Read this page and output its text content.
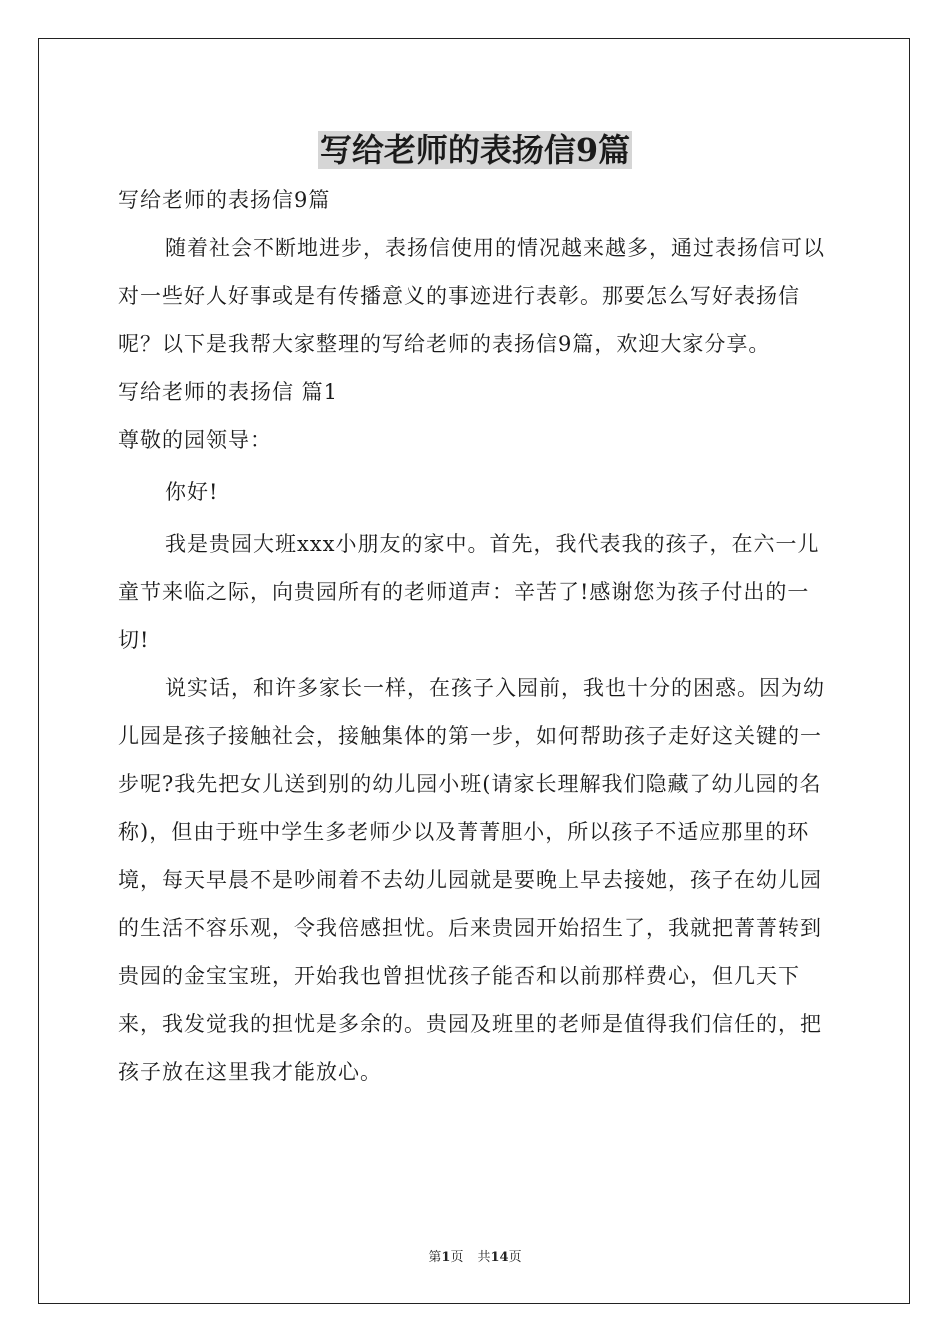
写给老师的表扬信9篇

写给老师的表扬信9篇

随着社会不断地进步，表扬信使用的情况越来越多，通过表扬信可以对一些好人好事或是有传播意义的事迹进行表彰。那要怎么写好表扬信呢？以下是我帮大家整理的写给老师的表扬信9篇，欢迎大家分享。

写给老师的表扬信 篇1

尊敬的园领导：

你好!

我是贵园大班xxx小朋友的家中。首先，我代表我的孩子，在六一儿童节来临之际，向贵园所有的老师道声：辛苦了!感谢您为孩子付出的一切!

说实话，和许多家长一样，在孩子入园前，我也十分的困惑。因为幼儿园是孩子接触社会，接触集体的第一步，如何帮助孩子走好这关键的一步呢?我先把女儿送到别的幼儿园小班(请家长理解我们隐藏了幼儿园的名称)，但由于班中学生多老师少以及菁菁胆小，所以孩子不适应那里的环境，每天早晨不是吵闹着不去幼儿园就是要晚上早去接她，孩子在幼儿园的生活不容乐观，令我倍感担忧。后来贵园开始招生了，我就把菁菁转到贵园的金宝宝班，开始我也曾担忧孩子能否和以前那样费心，但几天下来，我发觉我的担忧是多余的。贵园及班里的老师是值得我们信任的，把孩子放在这里我才能放心。

第1页 共14页
